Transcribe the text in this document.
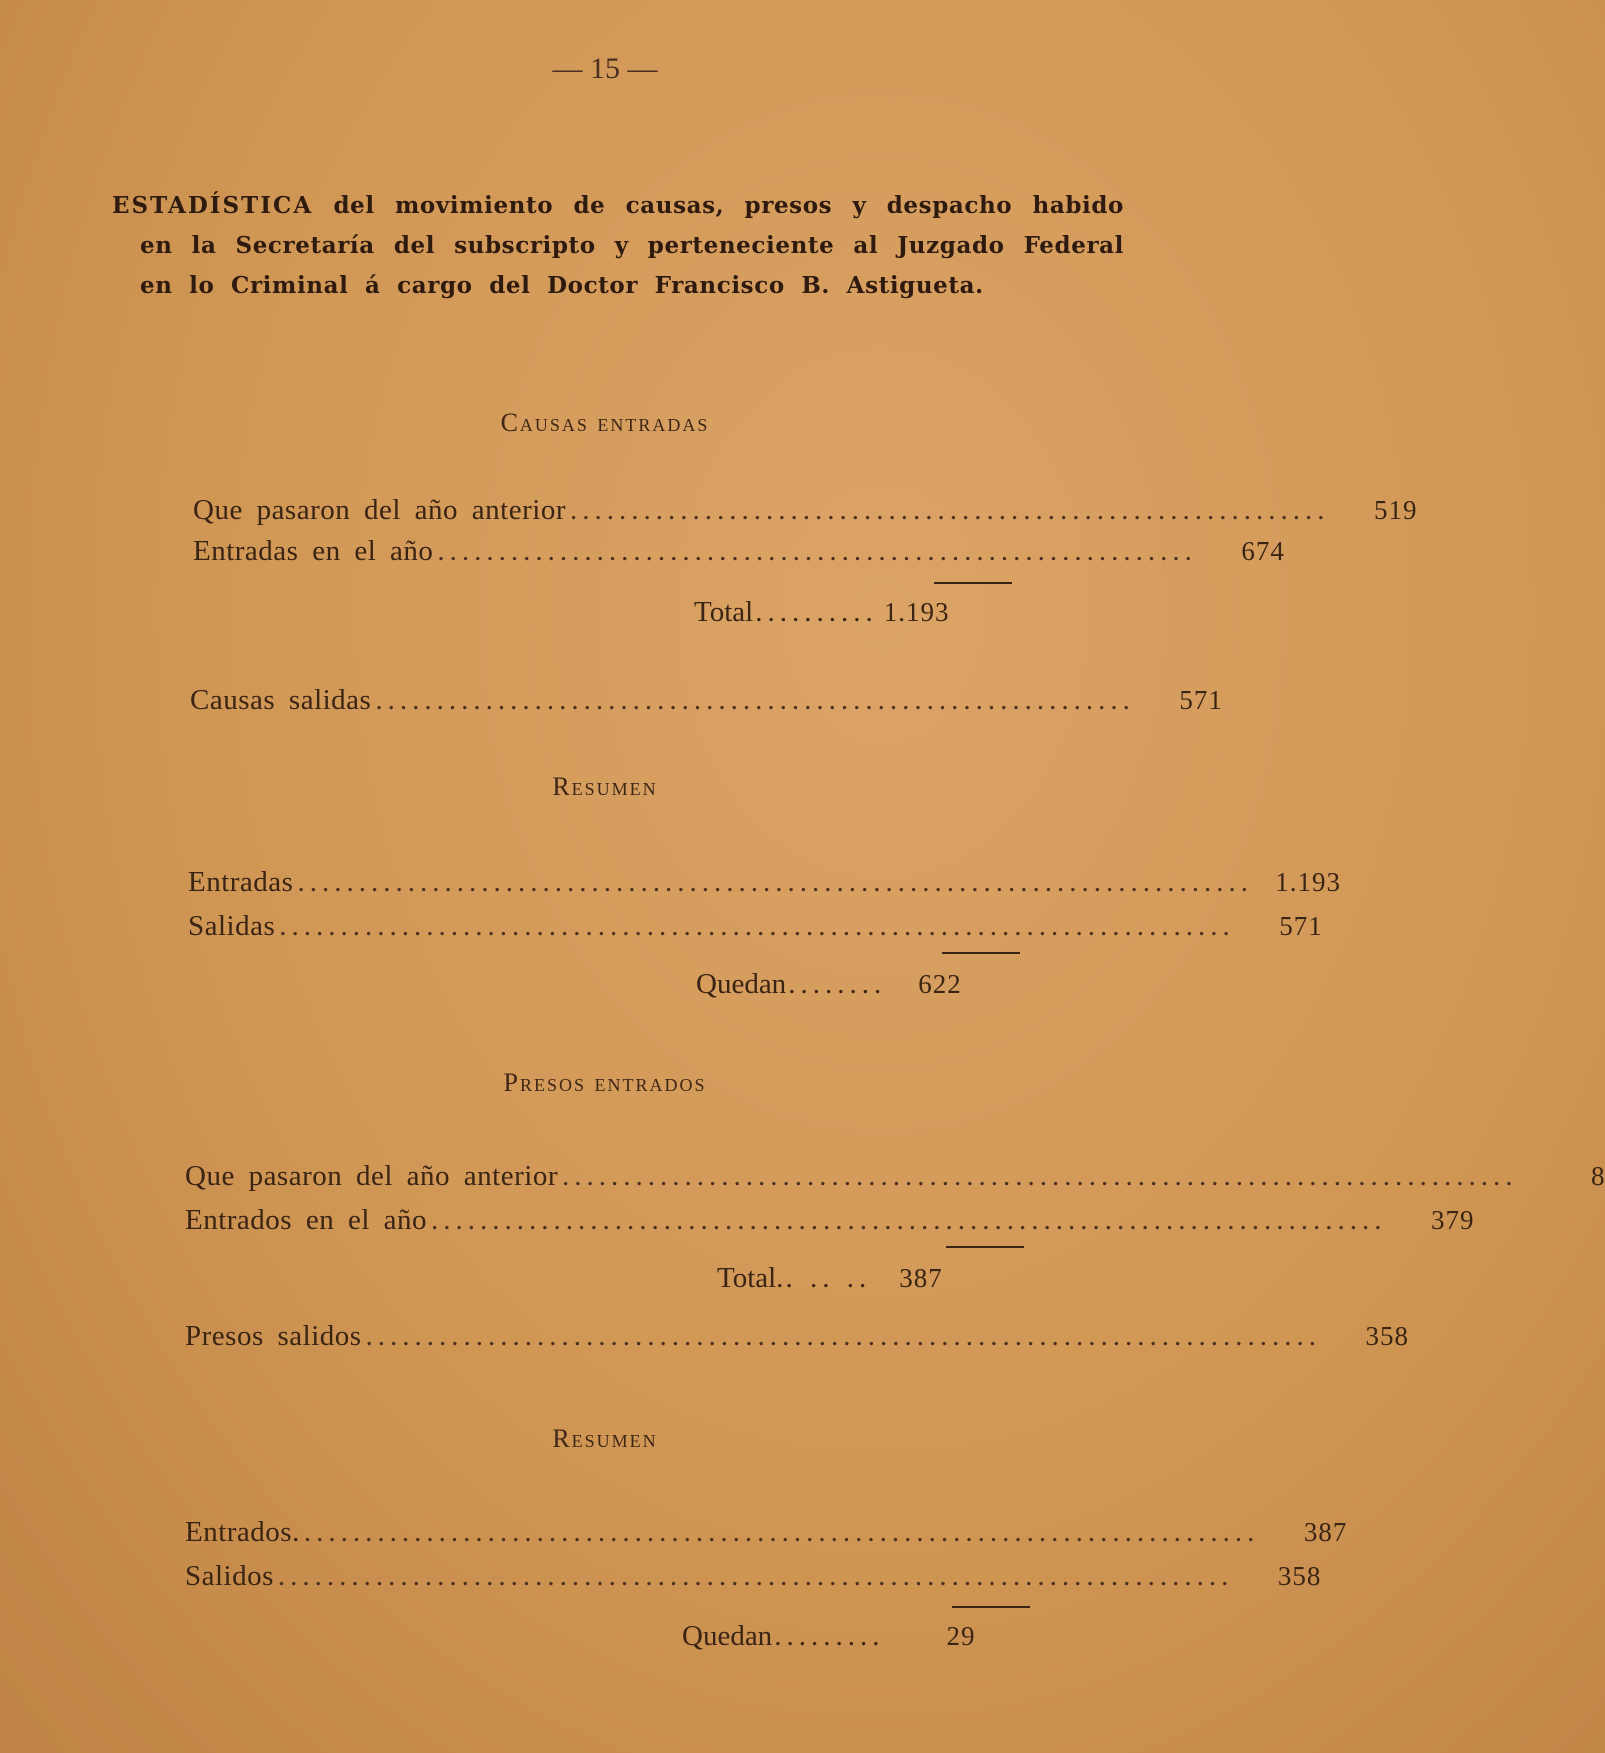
— 15 —
ESTADÍSTICA del movimiento de causas, presos y despacho habido en la Secretaría del subscripto y perteneciente al Juzgado Federal en lo Criminal á cargo del Doctor Francisco B. Astigueta.
Causas entradas
Que pasaron del año anterior ..............................................................	519
Entradas en el año ..............................................................	674
Total .......... 1.193
Causas salidas ..............................................................	571
Resumen
Entradas .............................................................................. 1.193
Salidas ..............................................................................	571
Quedan ........ 622
Presos entrados
Que pasaron del año anterior ..............................................................................	8
Entrados en el año ..............................................................................	379
Total. . .. .. 387
Presos salidos ..............................................................................	358
Resumen
Entrados. ..............................................................................	387
Salidos ..............................................................................	358
Quedan ......... 29
